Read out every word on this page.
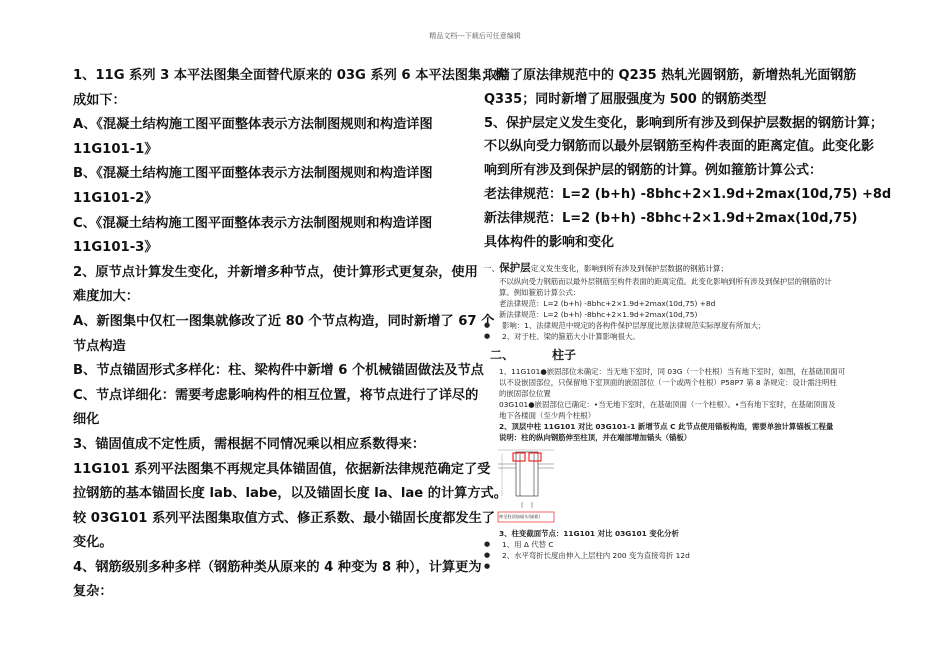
精品文档---下载后可任意编辑
1、11G 系列 3 本平法图集全面替代原来的 03G 系列 6 本平法图集；构
成如下：
A、《混凝土结构施工图平面整体表示方法制图规则和构造详图
11G101-1》
B、《混凝土结构施工图平面整体表示方法制图规则和构造详图
11G101-2》
C、《混凝土结构施工图平面整体表示方法制图规则和构造详图
11G101-3》
2、原节点计算发生变化，并新增多种节点，使计算形式更复杂，使用
难度加大：
A、新图集中仅杠一图集就修改了近 80 个节点构造，同时新增了 67 个
节点构造
B、节点锚固形式多样化：柱、梁构件中新增 6 个机械锚固做法及节点
C、节点详细化：需要考虑影响构件的相互位置，将节点进行了详尽的
细化
3、锚固值成不定性质，需根据不同情况乘以相应系数得来：
11G101 系列平法图集不再规定具体锚固值，依据新法律规范确定了受
拉钢筋的基本锚固长度 lab、labe，以及锚固长度 la、lae 的计算方式。
较 03G101 系列平法图集取值方式、修正系数、最小锚固长度都发生了
变化。
4、钢筋级别多种多样（钢筋种类从原来的 4 种变为 8 种），计算更为
复杂：
取消了原法律规范中的 Q235 热轧光圆钢筋，新增热轧光面钢筋
Q335；同时新增了屈服强度为 500 的钢筋类型
5、保护层定义发生变化，影响到所有涉及到保护层数据的钢筋计算；
不以纵向受力钢筋而以最外层钢筋至构件表面的距离定值。此变化影
响到所有涉及到保护层的钢筋的计算。例如箍筋计算公式：
老法律规范：L=2 (b+h) -8bhc+2×1.9d+2max(10d,75) +8d
新法律规范：L=2 (b+h) -8bhc+2×1.9d+2max(10d,75)
具体构件的影响和变化
一、保护层定义发生变化，影响到所有涉及到保护层数据的钢筋计算；
不以纵向受力钢筋而以最外层钢筋至构件表面的距离定值。此变化影响到所有涉及到保护层的钢筋的计
算。例如箍筋计算公式：
老法律规范：L=2 (b+h) -8bhc+2×1.9d+2max(10d,75) +8d
新法律规范：L=2 (b+h) -8bhc+2×1.9d+2max(10d,75)
● 影响：1、法律规范中规定的各构件保护层厚度比原法律规范实际厚度有所加大；
● 2、对于柱、梁的箍筋大小计算影响很大。
二、	柱子
1、11G101●嵌固部位未确定：当无地下室时，同 03G（一个柱根）当有地下室时，如图，在基础顶面可
以不设嵌固部位，只保留地下室顶面的嵌固部位（一个或两个柱根）P58P7 第 8 条规定：设计需注明柱
的嵌固部位位置
03G101●嵌固部位已确定：•当无地下室时，在基础顶面（一个柱根）。•当有地下室时，在基础顶面及
地下各楼面（至少两个柱根）
2、顶层中柱 11G101 对比 03G101-1 新增节点 C 此节点使用锚板构造，需要单独计算锚板工程量
说明：柱的纵向钢筋伸至柱顶，并在端部增加锚头（锚板）
伸至柱顶加锚头(锚板)
3、柱变截面节点：11G101 对比 03G101 变化分析
● 1、用 Δ 代替 C
● 2、水平弯折长度由伸入上层柱内 200 变为直接弯折 12d
